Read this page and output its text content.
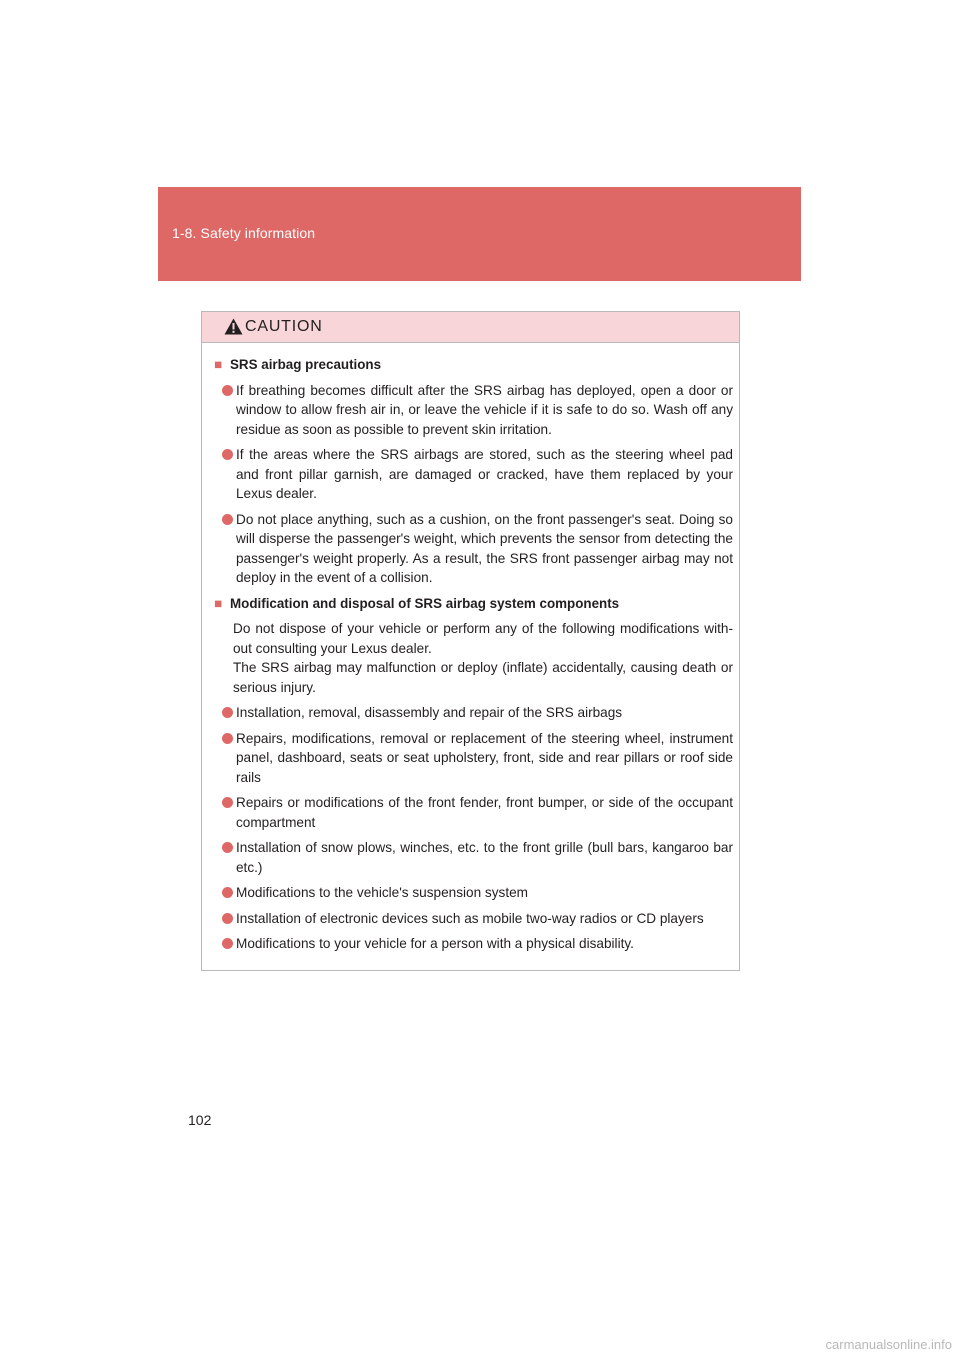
1-8. Safety information
CAUTION
■ SRS airbag precautions
If breathing becomes difficult after the SRS airbag has deployed, open a door or window to allow fresh air in, or leave the vehicle if it is safe to do so. Wash off any residue as soon as possible to prevent skin irritation.
If the areas where the SRS airbags are stored, such as the steering wheel pad and front pillar garnish, are damaged or cracked, have them replaced by your Lexus dealer.
Do not place anything, such as a cushion, on the front passenger's seat. Doing so will disperse the passenger's weight, which prevents the sensor from detecting the passenger's weight properly. As a result, the SRS front passenger airbag may not deploy in the event of a collision.
■ Modification and disposal of SRS airbag system components
Do not dispose of your vehicle or perform any of the following modifications with-out consulting your Lexus dealer.
The SRS airbag may malfunction or deploy (inflate) accidentally, causing death or serious injury.
Installation, removal, disassembly and repair of the SRS airbags
Repairs, modifications, removal or replacement of the steering wheel, instrument panel, dashboard, seats or seat upholstery, front, side and rear pillars or roof side rails
Repairs or modifications of the front fender, front bumper, or side of the occupant compartment
Installation of snow plows, winches, etc. to the front grille (bull bars, kangaroo bar etc.)
Modifications to the vehicle's suspension system
Installation of electronic devices such as mobile two-way radios or CD players
Modifications to your vehicle for a person with a physical disability.
102
carmanualsonline.info
